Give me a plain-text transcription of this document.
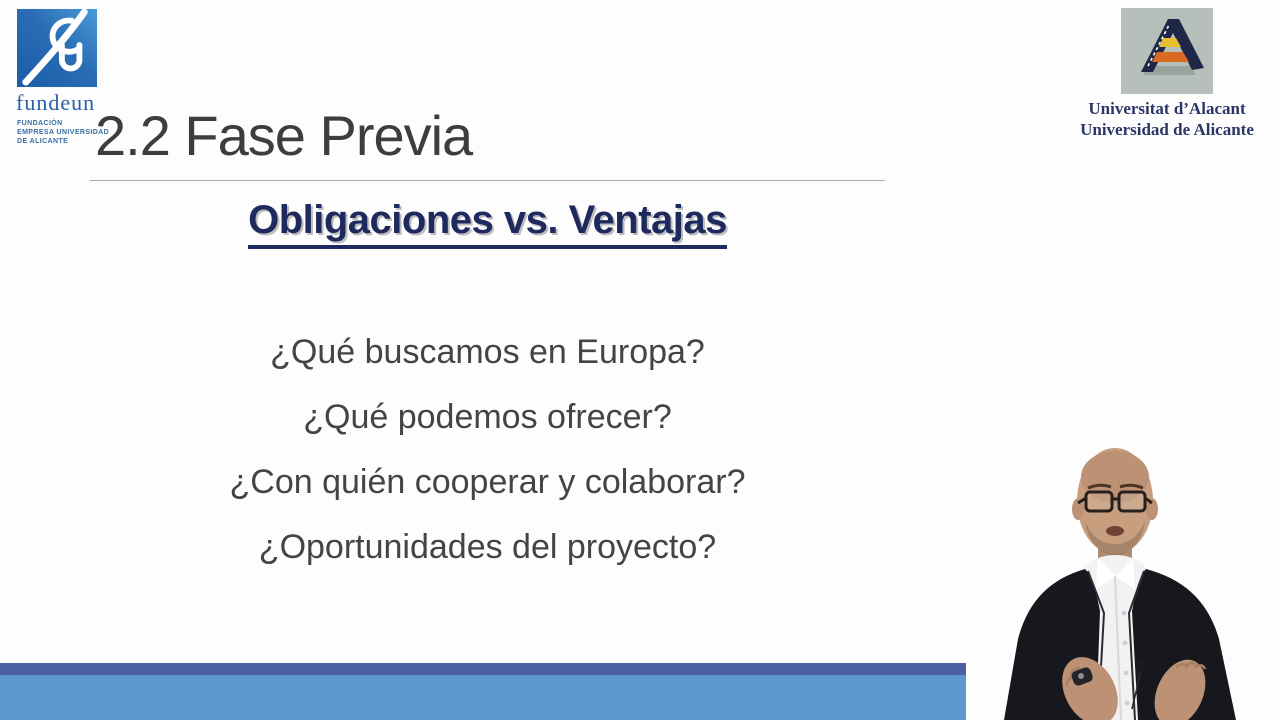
fundeun
FUNDACIÓN
EMPRESA UNIVERSIDAD
DE ALICANTE
Universitat d’Alacant
Universidad de Alicante
2.2 Fase Previa
Obligaciones vs. Ventajas
¿Qué buscamos en Europa?
¿Qué podemos ofrecer?
¿Con quién cooperar y colaborar?
¿Oportunidades del proyecto?
